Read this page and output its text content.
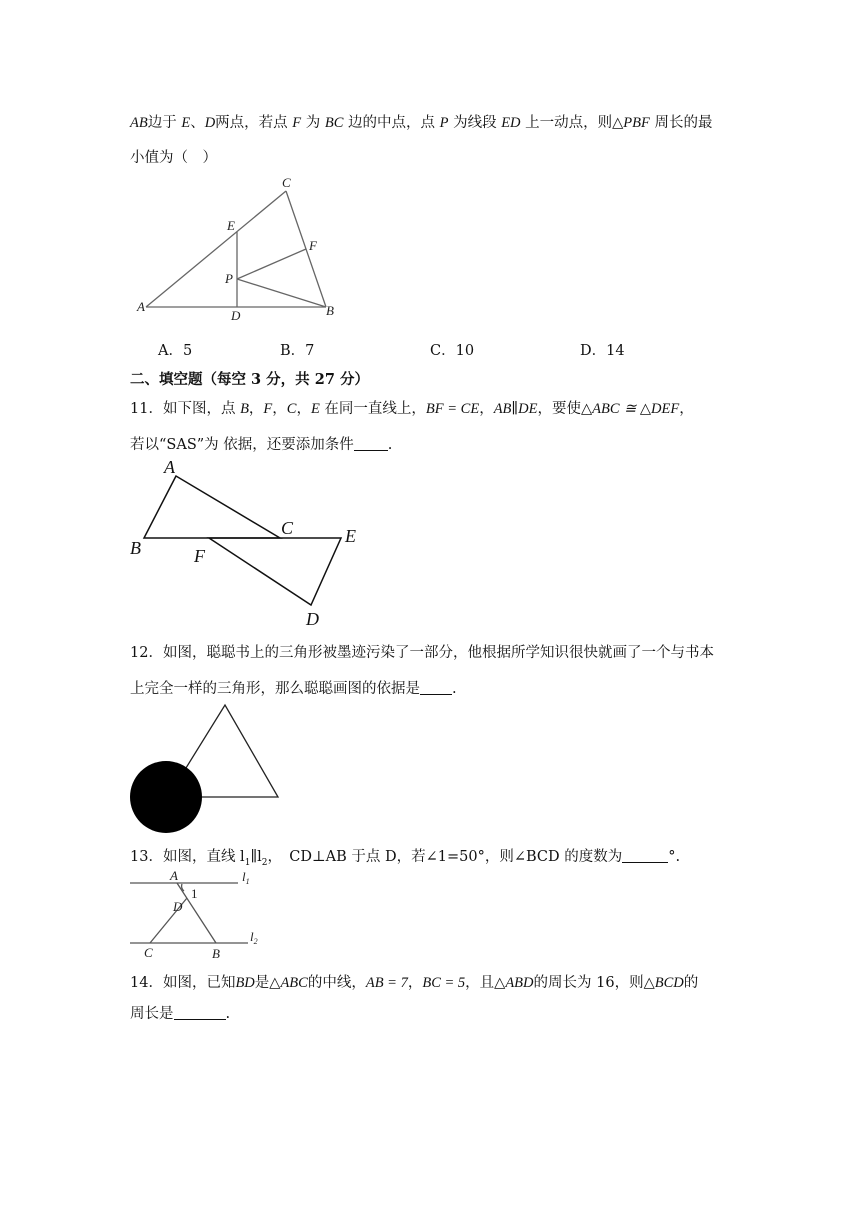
AB边于 E、D两点，若点 F 为 BC 边的中点，点 P 为线段 ED 上一动点，则△PBF 周长的最
小值为（　）
A	B
C
D
E
F
P
A．5	B．7	C．10	D．14
二、填空题（每空 3 分，共 27 分）
11．如下图，点 B，F，C，E 在同一直线上，BF = CE，AB∥DE，要使△ABC ≅ △DEF，
若以“SAS”为 依据，还要添加条件 .
A
B
C	E
F
D
12．如图，聪聪书上的三角形被墨迹污染了一部分，他根据所学知识很快就画了一个与书本
上完全一样的三角形，那么聪聪画图的依据是 .
13．如图，直线 $l_1\parallel l_2$，　CD⊥AB 于点 D，若∠1=50°，则∠BCD 的度数为	°.
A
D
1
C	B
$l_1$
$l_2$
14．如图，已知BD是△ABC的中线，AB = 7，BC = 5，且△ABD的周长为 16，则△BCD的
周长是	.
